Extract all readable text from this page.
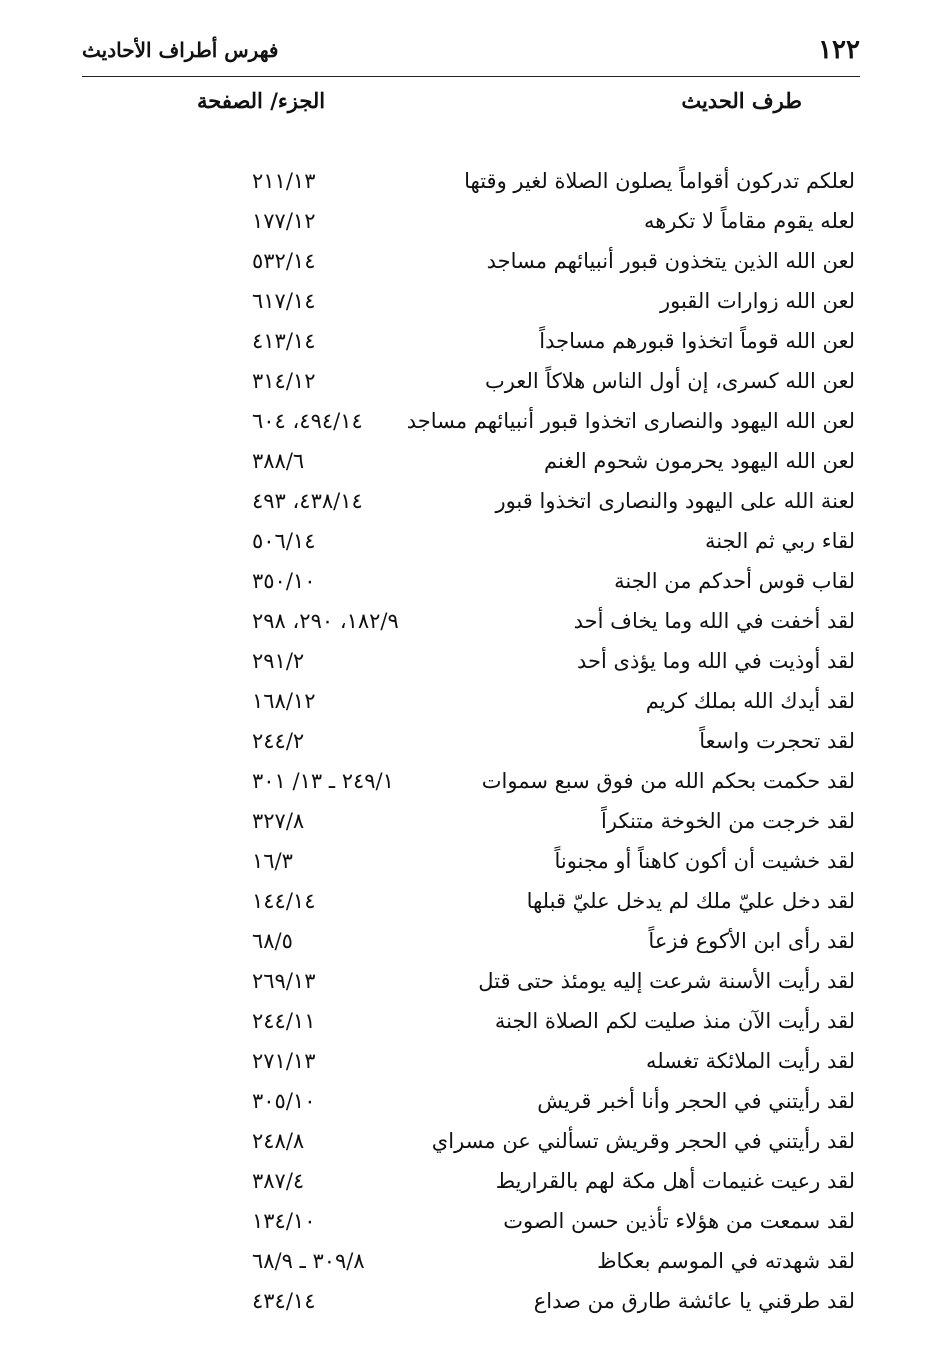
١٢٢
فهرس أطراف الأحاديث
طرف الحديث
الجزء/ الصفحة
لعلكم تدركون أقواماً يصلون الصلاة لغير وقتها
٢١١/١٣
لعله يقوم مقاماً لا تكرهه
١٧٧/١٢
لعن الله الذين يتخذون قبور أنبيائهم مساجد
٥٣٢/١٤
لعن الله زوارات القبور
٦١٧/١٤
لعن الله قوماً اتخذوا قبورهم مساجداً
٤١٣/١٤
لعن الله كسرى، إن أول الناس هلاكاً العرب
٣١٤/١٢
لعن الله اليهود والنصارى اتخذوا قبور أنبيائهم مساجد
٤٩٤/١٤، ٦٠٤
لعن الله اليهود يحرمون شحوم الغنم
٣٨٨/٦
لعنة الله على اليهود والنصارى اتخذوا قبور
٤٣٨/١٤، ٤٩٣
لقاء ربي ثم الجنة
٥٠٦/١٤
لقاب قوس أحدكم من الجنة
٣٥٠/١٠
لقد أخفت في الله وما يخاف أحد
١٨٢/٩، ٢٩٠، ٢٩٨
لقد أوذيت في الله وما يؤذى أحد
٢٩١/٢
لقد أيدك الله بملك كريم
١٦٨/١٢
لقد تحجرت واسعاً
٢٤٤/٢
لقد حكمت بحكم الله من فوق سبع سموات
٢٤٩/١ ـ ١٣/ ٣٠١
لقد خرجت من الخوخة متنكراً
٣٢٧/٨
لقد خشيت أن أكون كاهناً أو مجنوناً
١٦/٣
لقد دخل عليّ ملك لم يدخل عليّ قبلها
١٤٤/١٤
لقد رأى ابن الأكوع فزعاً
٦٨/٥
لقد رأيت الأسنة شرعت إليه يومئذ حتى قتل
٢٦٩/١٣
لقد رأيت الآن منذ صليت لكم الصلاة الجنة
٢٤٤/١١
لقد رأيت الملائكة تغسله
٢٧١/١٣
لقد رأيتني في الحجر وأنا أخبر قريش
٣٠٥/١٠
لقد رأيتني في الحجر وقريش تسألني عن مسراي
٢٤٨/٨
لقد رعيت غنيمات أهل مكة لهم بالقراريط
٣٨٧/٤
لقد سمعت من هؤلاء تأذين حسن الصوت
١٣٤/١٠
لقد شهدته في الموسم بعكاظ
٣٠٩/٨ ـ ٦٨/٩
لقد طرقني يا عائشة طارق من صداع
٤٣٤/١٤
